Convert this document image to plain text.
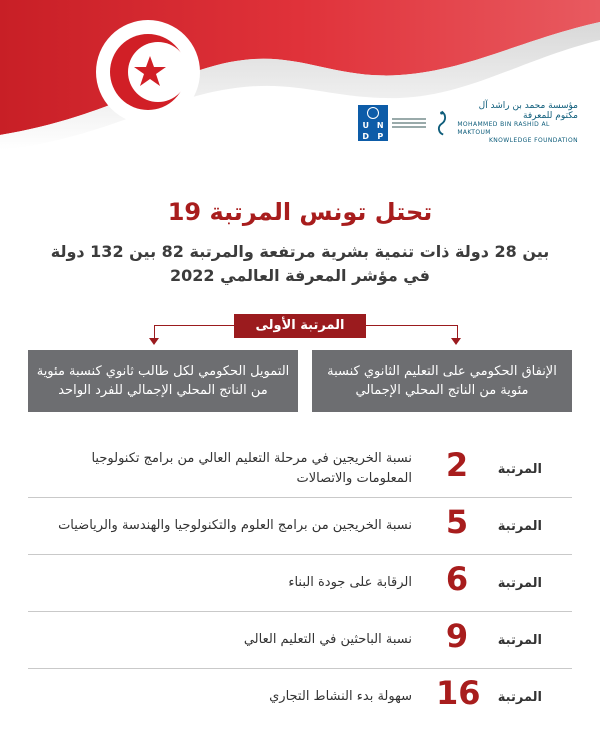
U N
D	P
مؤسسة محمد بن راشد آل مكتوم للمعرفة
MOHAMMED BIN RASHID AL MAKTOUM
KNOWLEDGE FOUNDATION
تحتل تونس المرتبة 19
بين 28 دولة ذات تنمية بشرية مرتفعة والمرتبة 82 بين 132 دولة
في مؤشر المعرفة العالمي 2022
المرتبة الأولى
الإنفاق الحكومي على التعليم الثانوي كنسبة مئوية من الناتج المحلي الإجمالي
التمويل الحكومي لكل طالب ثانوي كنسبة مئوية من الناتج المحلي الإجمالي للفرد الواحد
المرتبة
2
نسبة الخريجين في مرحلة التعليم العالي من برامج تكنولوجيا المعلومات والاتصالات
المرتبة
5
نسبة الخريجين من برامج العلوم والتكنولوجيا والهندسة والرياضيات
المرتبة
6
الرقابة على جودة البناء
المرتبة
9
نسبة الباحثين في التعليم العالي
المرتبة
16
سهولة بدء النشاط التجاري
